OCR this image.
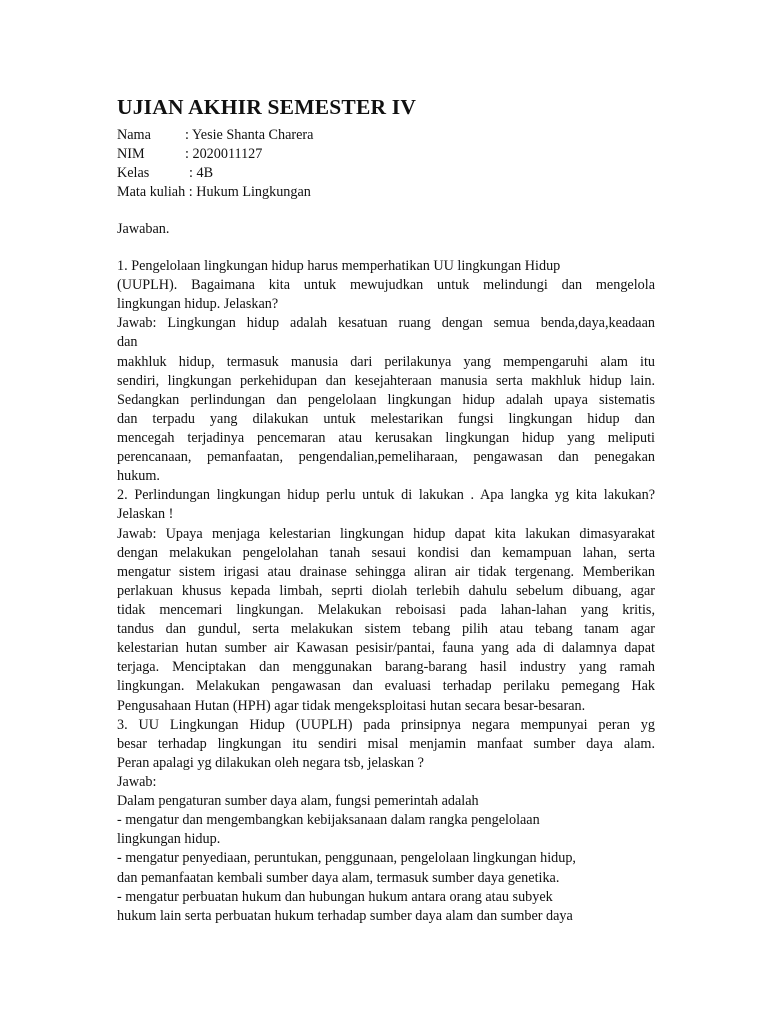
UJIAN AKHIR SEMESTER IV
Nama : Yesie Shanta Charera
NIM	: 2020011127
Kelas	: 4B
Mata kuliah : Hukum Lingkungan
Jawaban.
1. Pengelolaan lingkungan hidup harus memperhatikan UU lingkungan Hidup
(UUPLH). Bagaimana kita untuk mewujudkan untuk melindungi dan mengelola
lingkungan hidup. Jelaskan?
Jawab: Lingkungan hidup adalah kesatuan ruang dengan semua benda,daya,keadaan
dan
makhluk hidup, termasuk manusia dari perilakunya yang mempengaruhi alam itu
sendiri, lingkungan perkehidupan dan kesejahteraan manusia serta makhluk hidup lain.
Sedangkan perlindungan dan pengelolaan lingkungan hidup adalah upaya sistematis
dan terpadu yang dilakukan untuk melestarikan fungsi lingkungan hidup dan
mencegah terjadinya pencemaran atau kerusakan lingkungan hidup yang meliputi
perencanaan, pemanfaatan, pengendalian,pemeliharaan, pengawasan dan penegakan
hukum.
2. Perlindungan lingkungan hidup perlu untuk di lakukan . Apa langka yg kita lakukan?
Jelaskan !
Jawab: Upaya menjaga kelestarian lingkungan hidup dapat kita lakukan dimasyarakat
dengan melakukan pengelolahan tanah sesaui kondisi dan kemampuan lahan, serta
mengatur sistem irigasi atau drainase sehingga aliran air tidak tergenang. Memberikan
perlakuan khusus kepada limbah, seprti diolah terlebih dahulu sebelum dibuang, agar
tidak mencemari lingkungan. Melakukan reboisasi pada lahan-lahan yang kritis,
tandus dan gundul, serta melakukan sistem tebang pilih atau tebang tanam agar
kelestarian hutan sumber air Kawasan pesisir/pantai, fauna yang ada di dalamnya dapat
terjaga. Menciptakan dan menggunakan barang-barang hasil industry yang ramah
lingkungan. Melakukan pengawasan dan evaluasi terhadap perilaku pemegang Hak
Pengusahaan Hutan (HPH) agar tidak mengeksploitasi hutan secara besar-besaran.
3. UU Lingkungan Hidup (UUPLH) pada prinsipnya negara mempunyai peran yg
besar terhadap lingkungan itu sendiri misal menjamin manfaat sumber daya alam.
Peran apalagi yg dilakukan oleh negara tsb, jelaskan ?
Jawab:
Dalam pengaturan sumber daya alam, fungsi pemerintah adalah
- mengatur dan mengembangkan kebijaksanaan dalam rangka pengelolaan
lingkungan hidup.
- mengatur penyediaan, peruntukan, penggunaan, pengelolaan lingkungan hidup,
dan pemanfaatan kembali sumber daya alam, termasuk sumber daya genetika.
- mengatur perbuatan hukum dan hubungan hukum antara orang atau subyek
hukum lain serta perbuatan hukum terhadap sumber daya alam dan sumber daya
